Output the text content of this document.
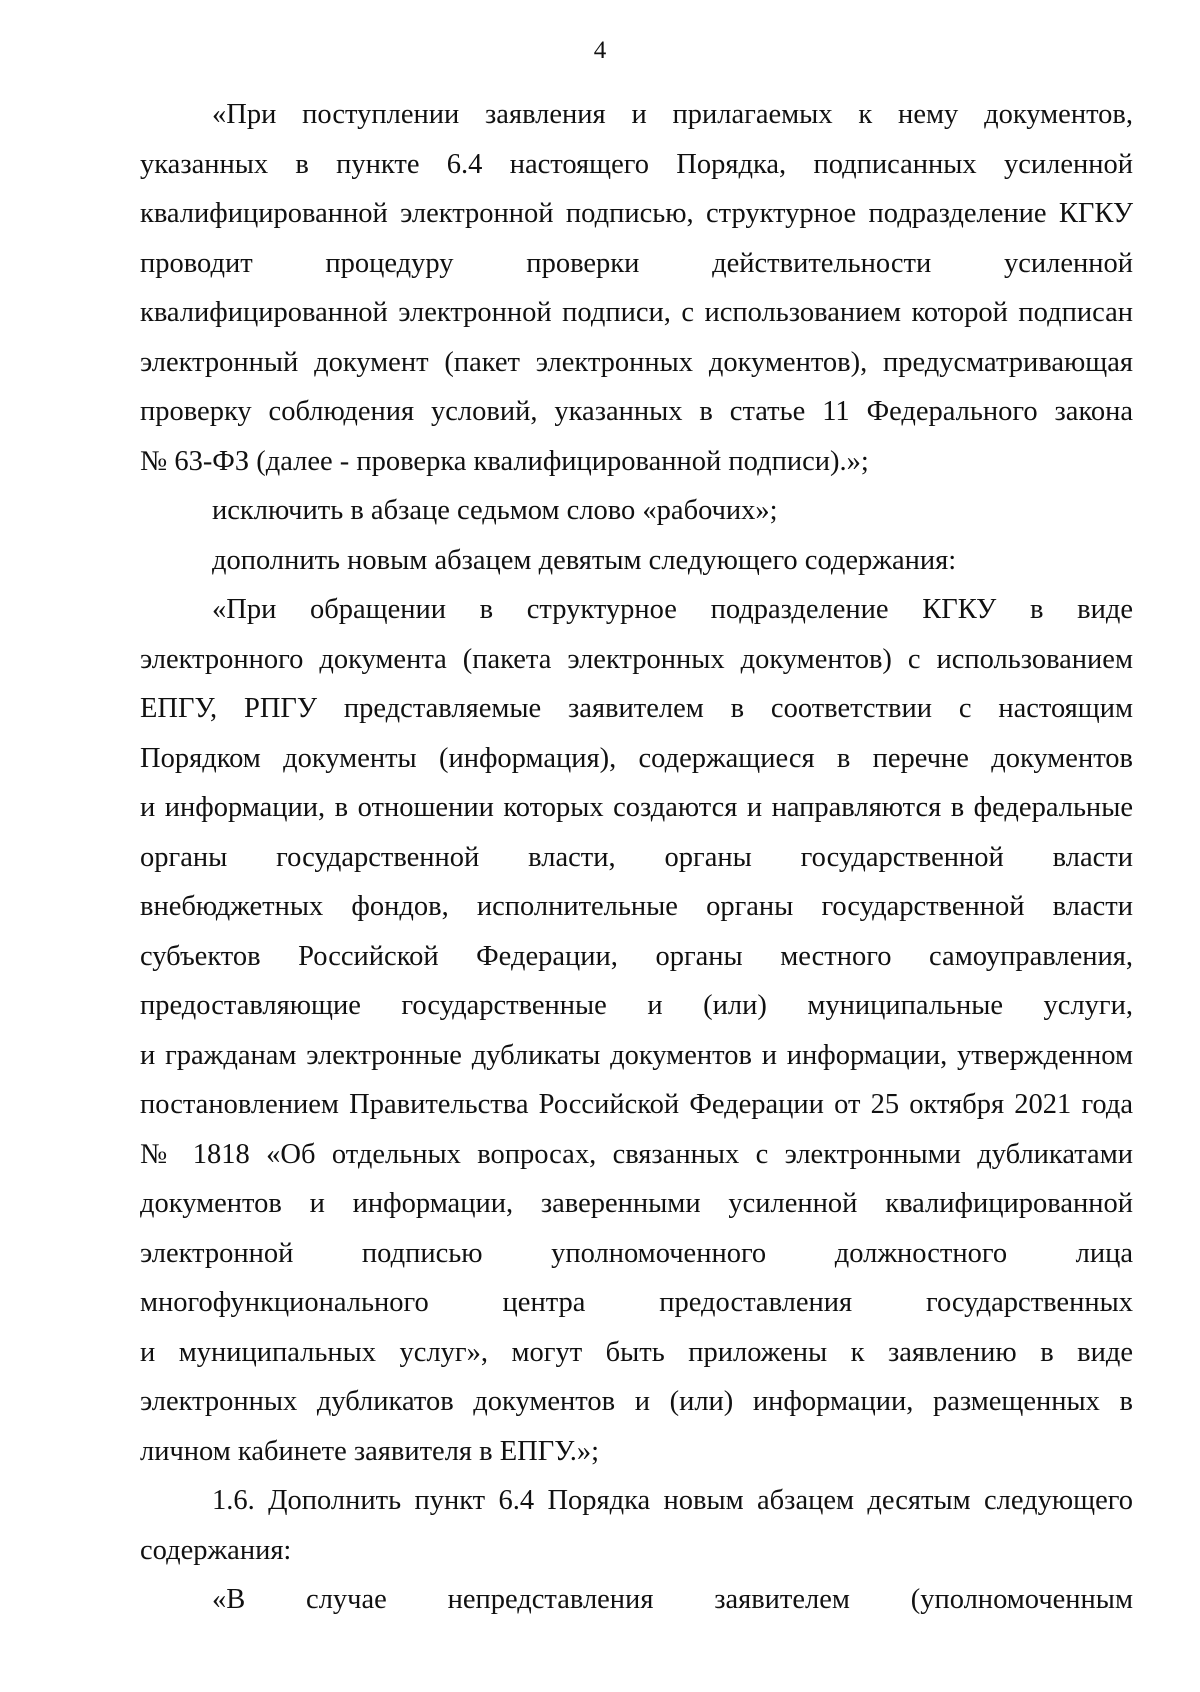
4

«При поступлении заявления и прилагаемых к нему документов,
указанных в пункте 6.4 настоящего Порядка, подписанных усиленной
квалифицированной электронной подписью, структурное подразделение КГКУ
проводит процедуру проверки действительности усиленной
квалифицированной электронной подписи, с использованием которой подписан
электронный документ (пакет электронных документов), предусматривающая
проверку соблюдения условий, указанных в статье 11 Федерального закона
№ 63-ФЗ (далее - проверка квалифицированной подписи).»;

исключить в абзаце седьмом слово «рабочих»;

дополнить новым абзацем девятым следующего содержания:

«При обращении в структурное подразделение КГКУ в виде
электронного документа (пакета электронных документов) с использованием
ЕПГУ, РПГУ представляемые заявителем в соответствии с настоящим
Порядком документы (информация), содержащиеся в перечне документов
и информации, в отношении которых создаются и направляются в федеральные
органы государственной власти, органы государственной власти
внебюджетных фондов, исполнительные органы государственной власти
субъектов Российской Федерации, органы местного самоуправления,
предоставляющие государственные и (или) муниципальные услуги,
и гражданам электронные дубликаты документов и информации, утвержденном
постановлением Правительства Российской Федерации от 25 октября 2021 года
№ 1818 «Об отдельных вопросах, связанных с электронными дубликатами
документов и информации, заверенными усиленной квалифицированной
электронной подписью уполномоченного должностного лица
многофункционального центра предоставления государственных
и муниципальных услуг», могут быть приложены к заявлению в виде
электронных дубликатов документов и (или) информации, размещенных в
личном кабинете заявителя в ЕПГУ.»;

1.6. Дополнить пункт 6.4 Порядка новым абзацем десятым следующего
содержания:

«В случае непредставления заявителем (уполномоченным
